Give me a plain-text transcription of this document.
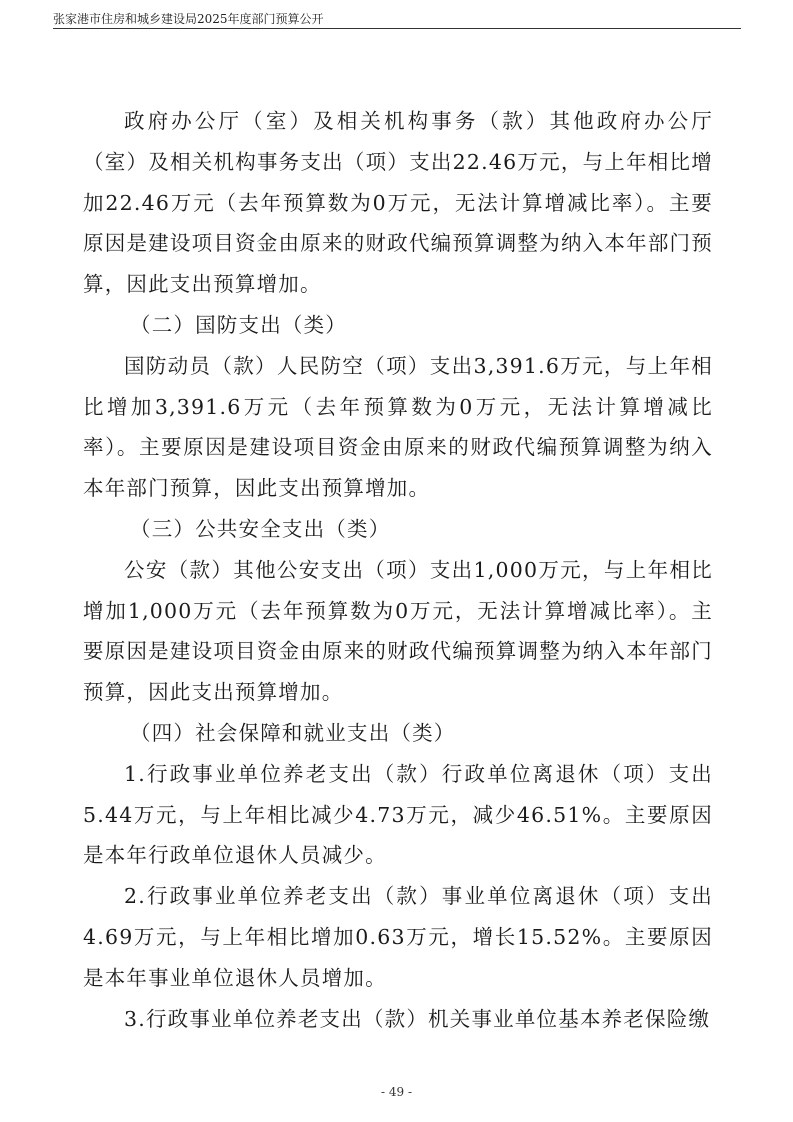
张家港市住房和城乡建设局2025年度部门预算公开

政府办公厅（室）及相关机构事务（款）其他政府办公厅（室）及相关机构事务支出（项）支出22.46万元，与上年相比增加22.46万元（去年预算数为0万元，无法计算增减比率）。主要原因是建设项目资金由原来的财政代编预算调整为纳入本年部门预算，因此支出预算增加。

（二）国防支出（类）

国防动员（款）人民防空（项）支出3,391.6万元，与上年相比增加3,391.6万元（去年预算数为0万元，无法计算增减比率）。主要原因是建设项目资金由原来的财政代编预算调整为纳入本年部门预算，因此支出预算增加。

（三）公共安全支出（类）

公安（款）其他公安支出（项）支出1,000万元，与上年相比增加1,000万元（去年预算数为0万元，无法计算增减比率）。主要原因是建设项目资金由原来的财政代编预算调整为纳入本年部门预算，因此支出预算增加。

（四）社会保障和就业支出（类）

1.行政事业单位养老支出（款）行政单位离退休（项）支出5.44万元，与上年相比减少4.73万元，减少46.51%。主要原因是本年行政单位退休人员减少。

2.行政事业单位养老支出（款）事业单位离退休（项）支出4.69万元，与上年相比增加0.63万元，增长15.52%。主要原因是本年事业单位退休人员增加。

3.行政事业单位养老支出（款）机关事业单位基本养老保险缴

- 49 -
